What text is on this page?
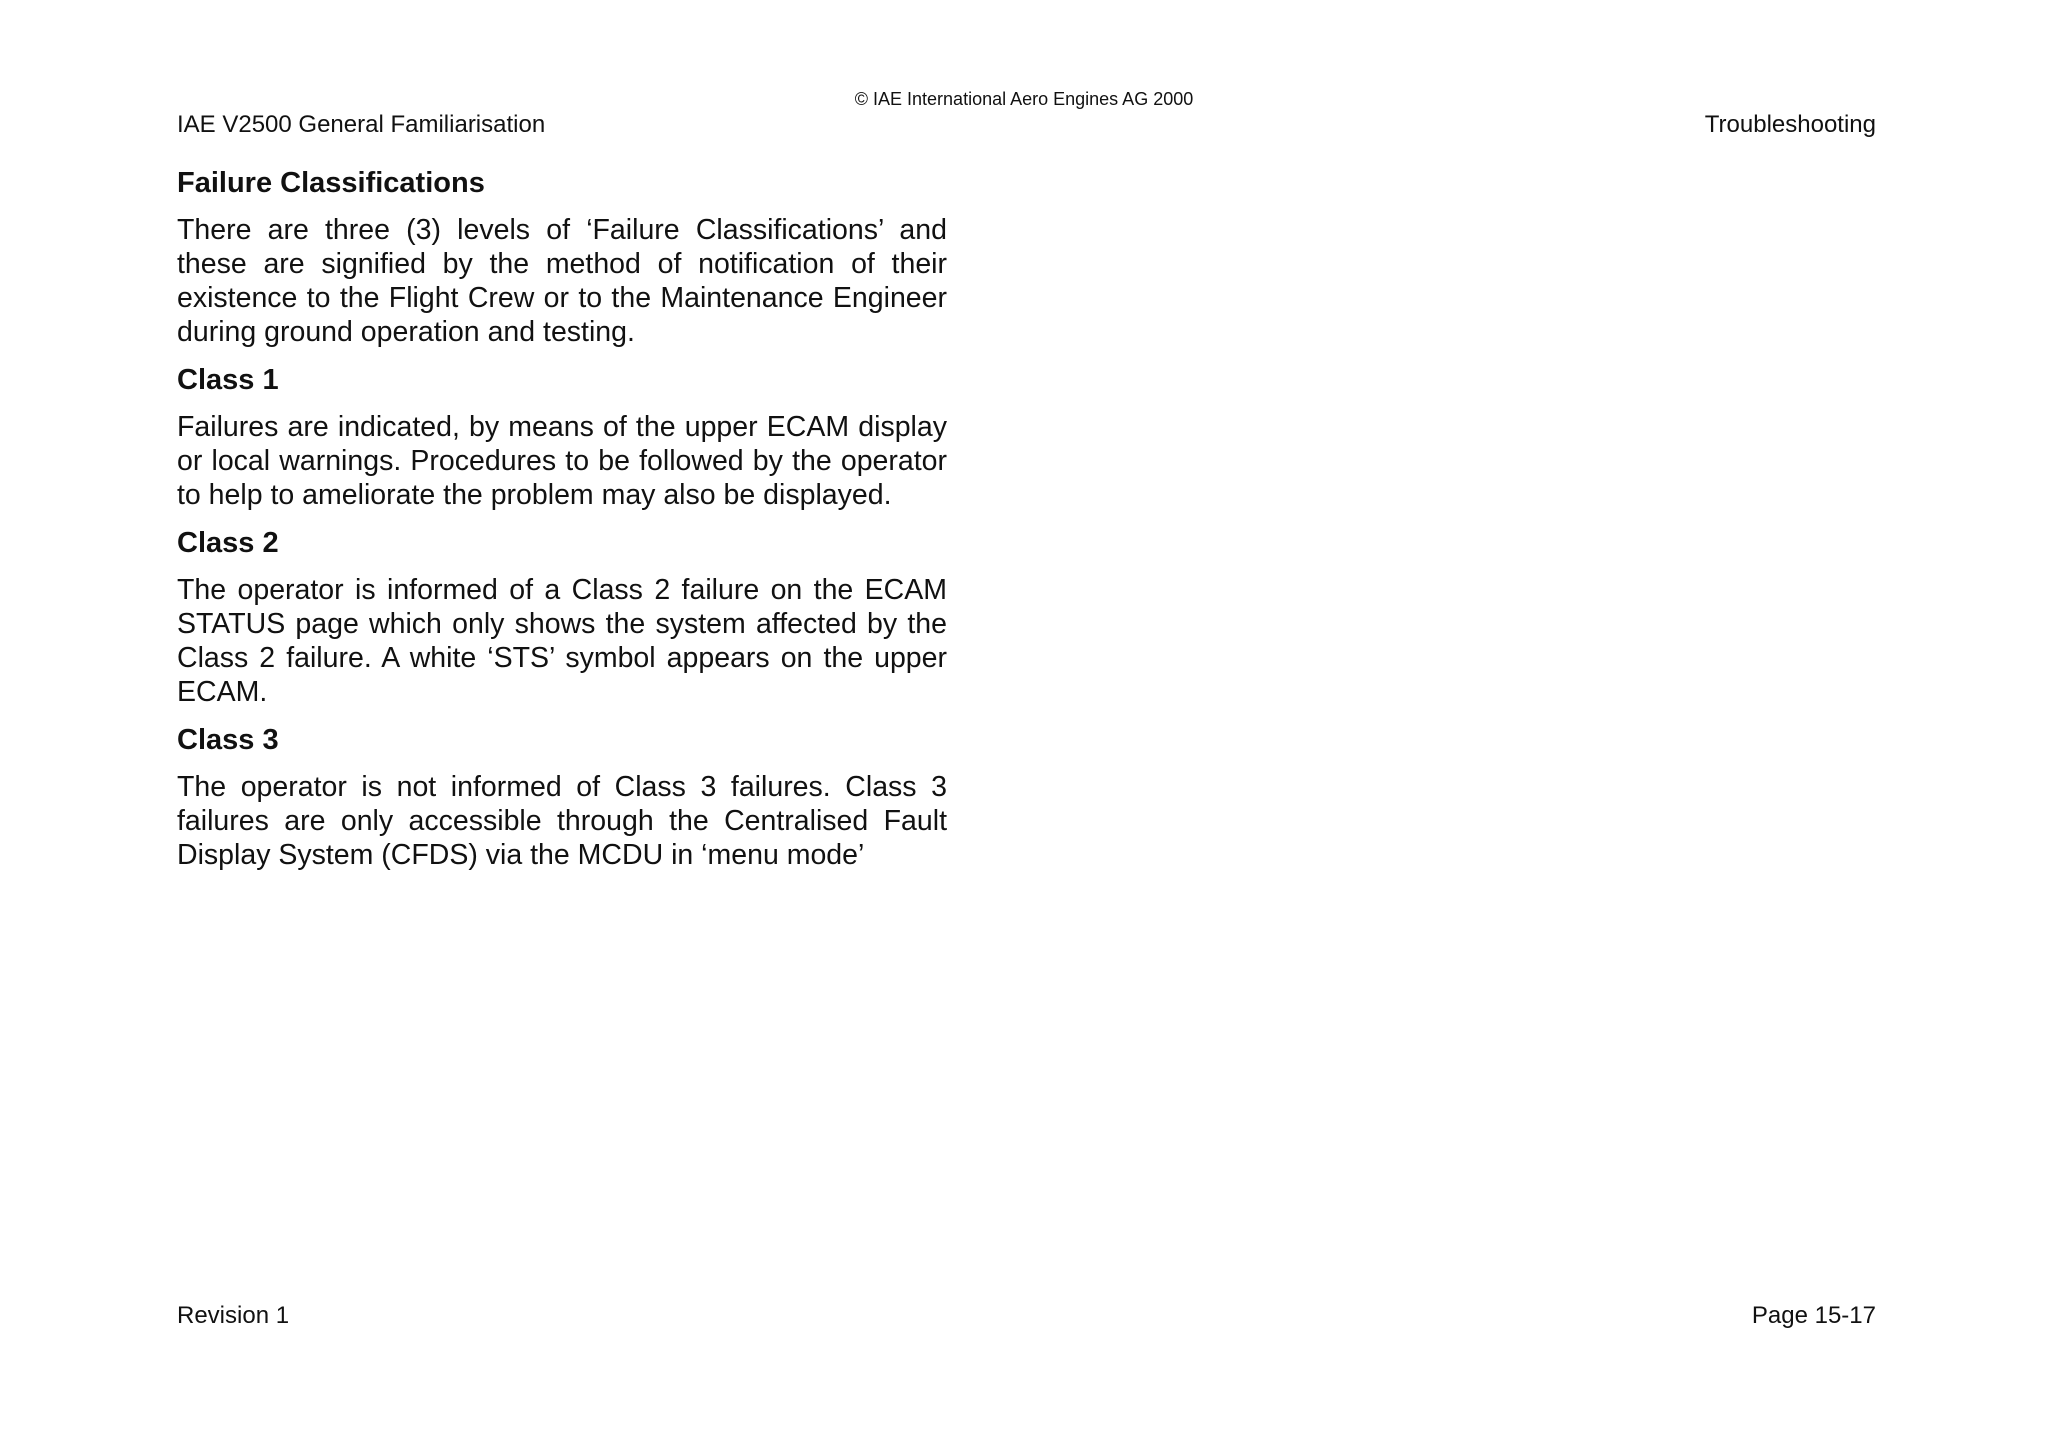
© IAE International Aero Engines AG 2000
IAE V2500 General Familiarisation	Troubleshooting
Failure Classifications
There are three (3) levels of ‘Failure Classifications’ and these are signified by the method of notification of their existence to the Flight Crew or to the Maintenance Engineer during ground operation and testing.
Class 1
Failures are indicated, by means of the upper ECAM display or local warnings. Procedures to be followed by the operator to help to ameliorate the problem may also be displayed.
Class 2
The operator is informed of a Class 2 failure on the ECAM STATUS page which only shows the system affected by the Class 2 failure. A white ‘STS’ symbol appears on the upper ECAM.
Class 3
The operator is not informed of Class 3 failures. Class 3 failures are only accessible through the Centralised Fault Display System (CFDS) via the MCDU in ‘menu mode’
Revision 1	Page 15-17
